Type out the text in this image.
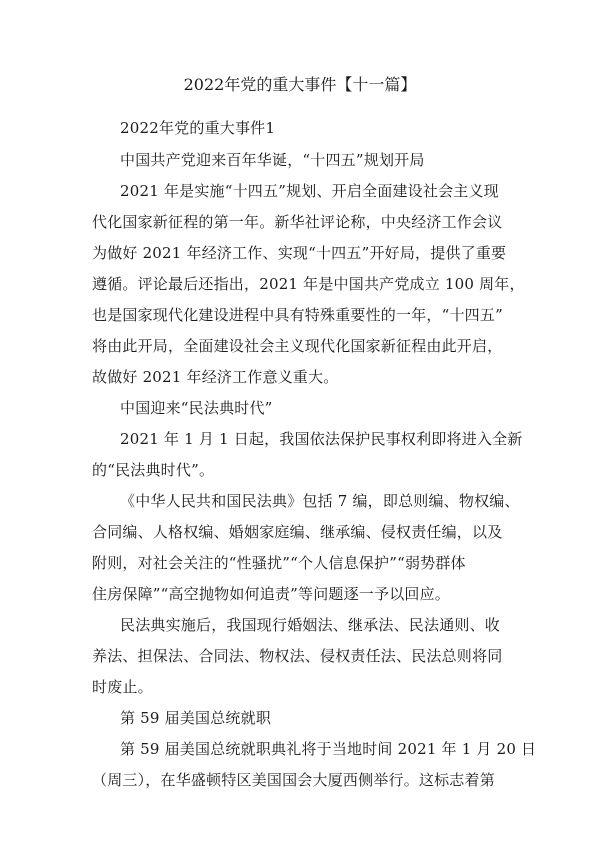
2022年党的重大事件【十一篇】
2022年党的重大事件1
中国共产党迎来百年华诞，“十四五”规划开局
2021 年是实施“十四五”规划、开启全面建设社会主义现
代化国家新征程的第一年。新华社评论称，中央经济工作会议
为做好 2021 年经济工作、实现“十四五”开好局，提供了重要
遵循。评论最后还指出，2021 年是中国共产党成立 100 周年，
也是国家现代化建设进程中具有特殊重要性的一年，“十四五”
将由此开局，全面建设社会主义现代化国家新征程由此开启，
故做好 2021 年经济工作意义重大。
中国迎来“民法典时代”
2021 年 1 月 1 日起，我国依法保护民事权利即将进入全新
的“民法典时代”。
《中华人民共和国民法典》包括 7 编，即总则编、物权编、
合同编、人格权编、婚姻家庭编、继承编、侵权责任编，以及
附则，对社会关注的“性骚扰”“个人信息保护”“弱势群体
住房保障”“高空抛物如何追责”等问题逐一予以回应。
民法典实施后，我国现行婚姻法、继承法、民法通则、收
养法、担保法、合同法、物权法、侵权责任法、民法总则将同
时废止。
第 59 届美国总统就职
第 59 届美国总统就职典礼将于当地时间 2021 年 1 月 20 日
（周三），在华盛顿特区美国国会大厦西侧举行。这标志着第
